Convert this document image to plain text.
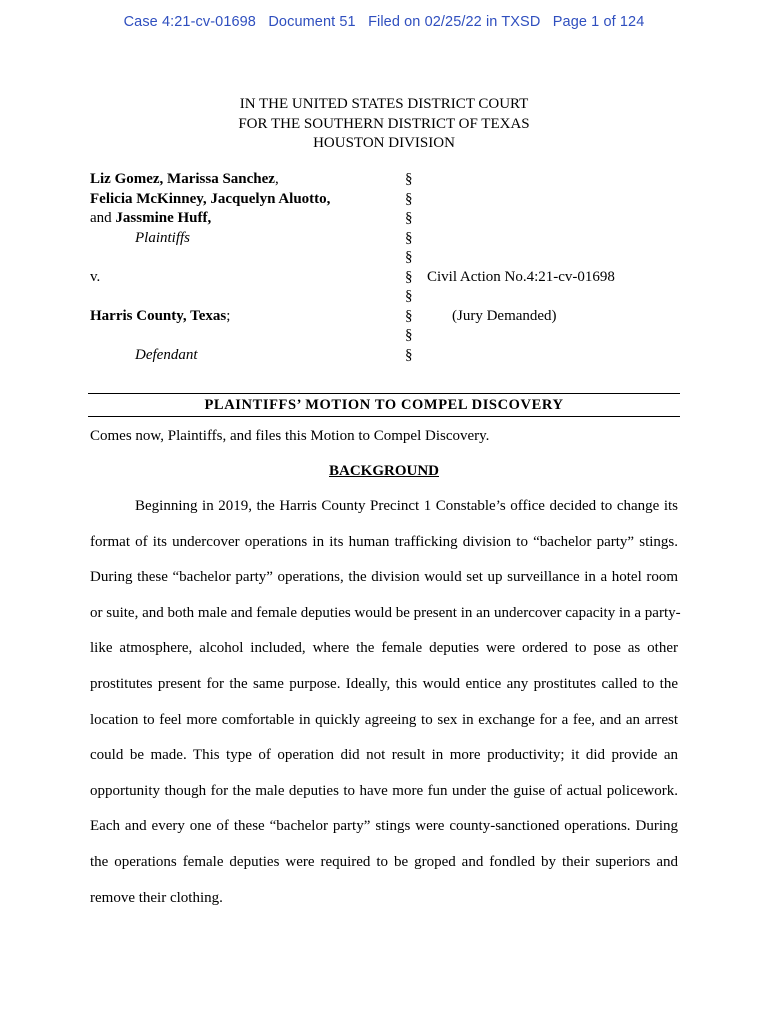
Case 4:21-cv-01698   Document 51   Filed on 02/25/22 in TXSD   Page 1 of 124
IN THE UNITED STATES DISTRICT COURT
FOR THE SOUTHERN DISTRICT OF TEXAS
HOUSTON DIVISION
Liz Gomez, Marissa Sanchez,	§
Felicia McKinney, Jacquelyn Aluotto,	§
and Jassmine Huff,	§
Plaintiffs	§
§
v.	§ Civil Action No.4:21-cv-01698
§
Harris County, Texas;	§	(Jury Demanded)
§
Defendant	§
PLAINTIFFS’ MOTION TO COMPEL DISCOVERY
Comes now, Plaintiffs, and files this Motion to Compel Discovery.
BACKGROUND
Beginning in 2019, the Harris County Precinct 1 Constable’s office decided to change its
format of its undercover operations in its human trafficking division to “bachelor party” stings.
During these “bachelor party” operations, the division would set up surveillance in a hotel room
or suite, and both male and female deputies would be present in an undercover capacity in a party-
like atmosphere, alcohol included, where the female deputies were ordered to pose as other
prostitutes present for the same purpose. Ideally, this would entice any prostitutes called to the
location to feel more comfortable in quickly agreeing to sex in exchange for a fee, and an arrest
could be made. This type of operation did not result in more productivity; it did provide an
opportunity though for the male deputies to have more fun under the guise of actual policework.
Each and every one of these “bachelor party” stings were county-sanctioned operations. During
the operations female deputies were required to be groped and fondled by their superiors and
remove their clothing.
